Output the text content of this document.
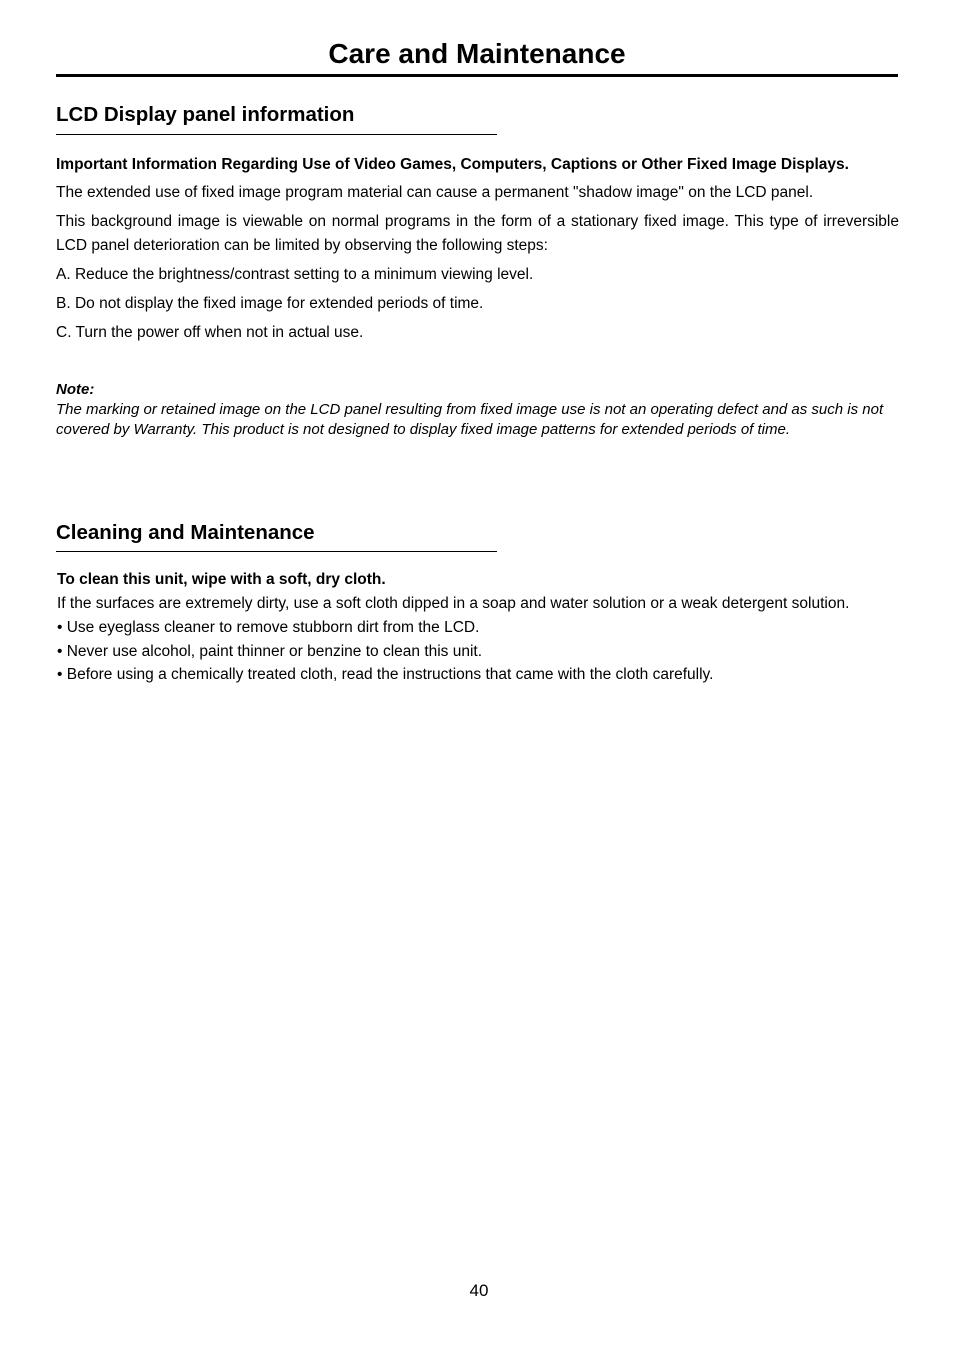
Care and Maintenance
LCD Display panel information

Important Information Regarding Use of Video Games, Computers, Captions or Other Fixed Image Displays.

The extended use of fixed image program material can cause a permanent "shadow image" on the LCD panel.

This background image is viewable on normal programs in the form of a stationary fixed image. This type of irreversible LCD panel deterioration can be limited by observing the following steps:

A. Reduce the brightness/contrast setting to a minimum viewing level.

B. Do not display the fixed image for extended periods of time.

C. Turn the power off when not in actual use.

Note:

The marking or retained image on the LCD panel resulting from fixed image use is not an operating defect and as such is not covered by Warranty. This product is not designed to display fixed image patterns for extended periods of time.

Cleaning and Maintenance

To clean this unit, wipe with a soft, dry cloth.

If the surfaces are extremely dirty, use a soft cloth dipped in a soap and water solution or a weak detergent solution.

• Use eyeglass cleaner to remove stubborn dirt from the LCD.

• Never use alcohol, paint thinner or benzine to clean this unit.

• Before using a chemically treated cloth, read the instructions that came with the cloth carefully.

40
